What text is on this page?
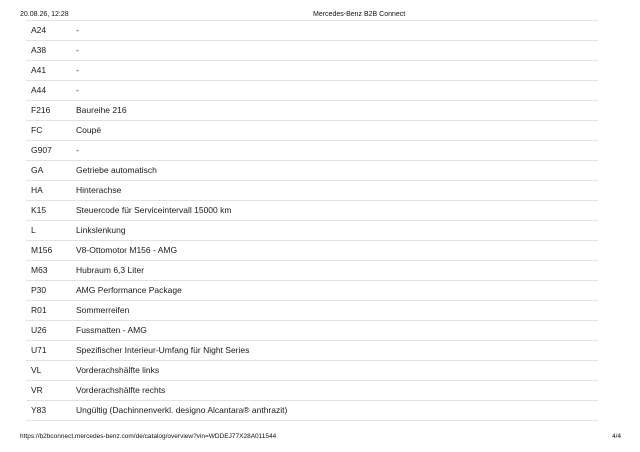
20.08.26, 12:28	Mercedes-Benz B2B Connect
A24	-
A38	-
A41	-
A44	-
F216	Baureihe 216
FC	Coupé
G907	-
GA	Getriebe automatisch
HA	Hinterachse
K15	Steuercode für Serviceintervall 15000 km
L	Linkslenkung
M156	V8-Ottomotor M156 - AMG
M63	Hubraum 6,3 Liter
P30	AMG Performance Package
R01	Sommerreifen
U26	Fussmatten - AMG
U71	Spezifischer Interieur-Umfang für Night Series
VL	Vorderachshälfte links
VR	Vorderachshälfte rechts
Y83	Ungültig (Dachinnenverkl. designo Alcantara® anthrazit)
https://b2bconnect.mercedes-benz.com/de/catalog/overview?vin=WDDEJ77X28A011544	4/4
